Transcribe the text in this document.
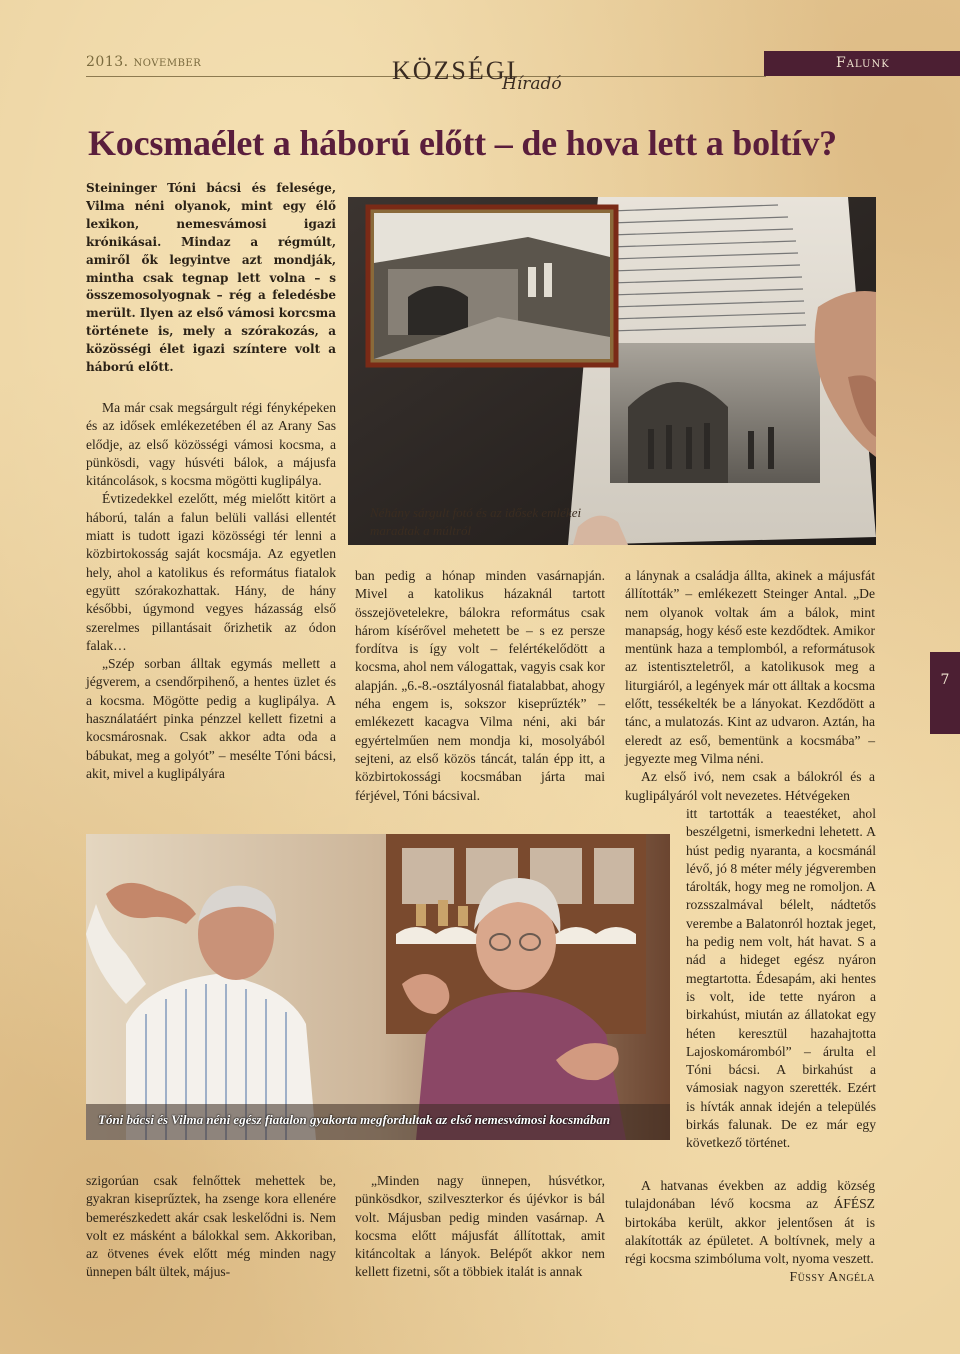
2013. november	KÖZSÉGI
Híradó
Falunk
Kocsmaélet a háború előtt – de hova lett a boltív?

Steininger Tóni bácsi és felesége, Vilma néni olyanok, mint egy élő lexikon, nemesvámosi igazi krónikásai. Mindaz a régmúlt, amiről ők legyintve azt mondják, mintha csak tegnap lett volna – s összemosolyognak – rég a feledésbe merült. Ilyen az első vámosi korcsma története is, mely a szórakozás, a közösségi élet igazi színtere volt a háború előtt.

Ma már csak megsárgult régi fényképeken és az idősek emlékezetében él az Arany Sas elődje, az első közösségi vámosi kocsma, a pünkösdi, vagy húsvéti bálok, a májusfa kitáncolások, s kocsma mögötti kuglipálya.

Évtizedekkel ezelőtt, még mielőtt kitört a háború, talán a falun belüli vallási ellentét miatt is tudott igazi közösségi tér lenni a közbirtokosság saját kocsmája. Az egyetlen hely, ahol a katolikus és református fiatalok együtt szórakozhattak. Hány, de hány későbbi, úgymond vegyes házasság első szerelmes pillantásait őrizhetik az ódon falak…

„Szép sorban álltak egymás mellett a jégverem, a csendőrpihenő, a hentes üzlet és a kocsma. Mögötte pedig a kuglipálya. A használatáért pinka pénzzel kellett fizetni a kocsmárosnak. Csak akkor adta oda a bábukat, meg a golyót” – mesélte Tóni bácsi, akit, mivel a kuglipályára

Néhány sárgult fotó és az idősek emlékei maradtak a múltról

ban pedig a hónap minden vasárnapján. Mivel a katolikus házaknál tartott összejövetelekre, bálokra református csak három kísérővel mehetett be – s ez persze fordítva is így volt – felértékelődött a kocsma, ahol nem válogattak, vagyis csak kor alapján. „6.-8.-osztályosnál fiatalabbat, ahogy néha engem is, sokszor kiseprűzték” – emlékezett kacagva Vilma néni, aki bár egyértelműen nem mondja ki, mosolyából sejteni, az első közös táncát, talán épp itt, a közbirtokossági kocsmában járta mai férjével, Tóni bácsival.

a lánynak a családja állta, akinek a májusfát állították” – emlékezett Steinger Antal. „De nem olyanok voltak ám a bálok, mint manapság, hogy késő este kezdődtek. Amikor mentünk haza a templomból, a reformátusok az istentiszteletről, a katolikusok meg a liturgiáról, a legények már ott álltak a kocsma előtt, tessékelték be a lányokat. Kezdődött a tánc, a mulatozás. Kint az udvaron. Aztán, ha eleredt az eső, bementünk a kocsmába” – jegyezte meg Vilma néni.

Az első ivó, nem csak a bálokról és a kuglipályáról volt nevezetes. Hétvégeken

Tóni bácsi és Vilma néni egész fiatalon gyakorta megfordultak az első nemesvámosi kocsmában

itt tartották a teaestéket, ahol beszélgetni, ismerkedni lehetett. A húst pedig nyaranta, a kocsmánál lévő, jó 8 méter mély jégveremben tárolták, hogy meg ne romoljon. A rozsszalmával bélelt, nádtetős verembe a Balatonról hoztak jeget, ha pedig nem volt, hát havat. S a nád a hideget egész nyáron megtartotta. Édesapám, aki hentes is volt, ide tette nyáron a birkahúst, miután az állatokat egy héten keresztül hazahajtotta Lajoskomáromból” – árulta el Tóni bácsi. A birkahúst a vámosiak nagyon szerették. Ezért is hívták annak idején a település birkás falunak. De ez már egy következő történet.

szigorúan csak felnőttek mehettek be, gyakran kiseprűztek, ha zsenge kora ellenére bemerészkedett akár csak leskelődni is. Nem volt ez másként a bálokkal sem. Akkoriban, az ötvenes évek előtt még minden nagy ünnepen bált ültek, május-

„Minden nagy ünnepen, húsvétkor, pünkösdkor, szilveszterkor és újévkor is bál volt. Májusban pedig minden vasárnap. A kocsma előtt májusfát állítottak, amit kitáncoltak a lányok. Belépőt akkor nem kellett fizetni, sőt a többiek italát is annak

A hatvanas években az addig község tulajdonában lévő kocsma az ÁFÉSZ birtokába került, akkor jelentősen át is alakították az épületet. A boltívnek, mely a régi kocsma szimbóluma volt, nyoma veszett.

Füssy Angéla
7
